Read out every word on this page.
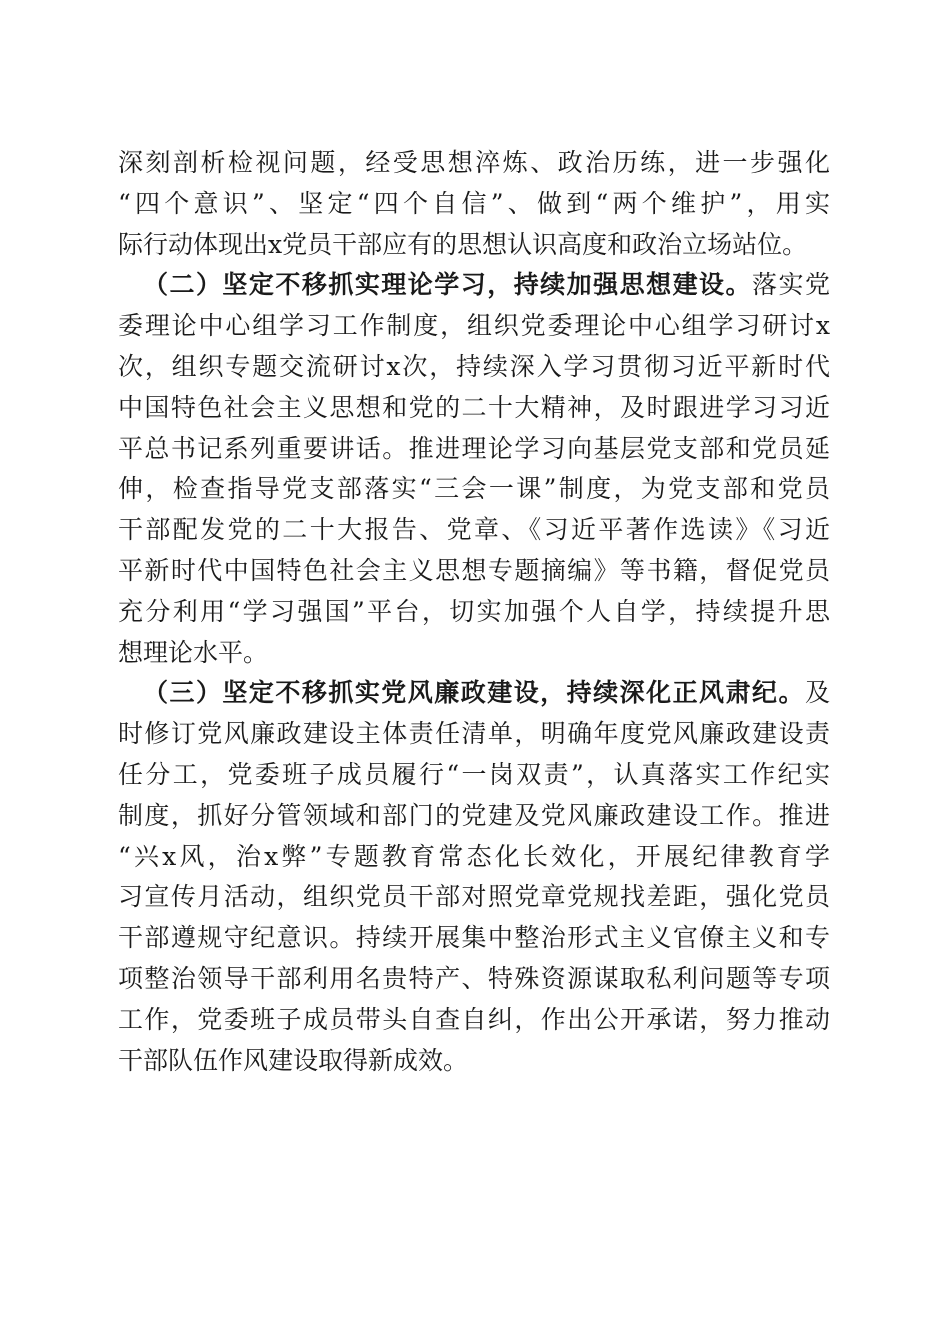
深刻剖析检视问题，经受思想淬炼、政治历练，进一步强化
“四个意识”、坚定“四个自信”、做到“两个维护”，用实
际行动体现出x党员干部应有的思想认识高度和政治立场站位。
（二）坚定不移抓实理论学习，持续加强思想建设。落实党
委理论中心组学习工作制度，组织党委理论中心组学习研讨x
次，组织专题交流研讨x次，持续深入学习贯彻习近平新时代
中国特色社会主义思想和党的二十大精神，及时跟进学习习近
平总书记系列重要讲话。推进理论学习向基层党支部和党员延
伸，检查指导党支部落实“三会一课”制度，为党支部和党员
干部配发党的二十大报告、党章、《习近平著作选读》《习近
平新时代中国特色社会主义思想专题摘编》等书籍，督促党员
充分利用“学习强国”平台，切实加强个人自学，持续提升思
想理论水平。
（三）坚定不移抓实党风廉政建设，持续深化正风肃纪。及
时修订党风廉政建设主体责任清单，明确年度党风廉政建设责
任分工，党委班子成员履行“一岗双责”，认真落实工作纪实
制度，抓好分管领域和部门的党建及党风廉政建设工作。推进
“兴x风，治x弊”专题教育常态化长效化，开展纪律教育学
习宣传月活动，组织党员干部对照党章党规找差距，强化党员
干部遵规守纪意识。持续开展集中整治形式主义官僚主义和专
项整治领导干部利用名贵特产、特殊资源谋取私利问题等专项
工作，党委班子成员带头自查自纠，作出公开承诺，努力推动
干部队伍作风建设取得新成效。
